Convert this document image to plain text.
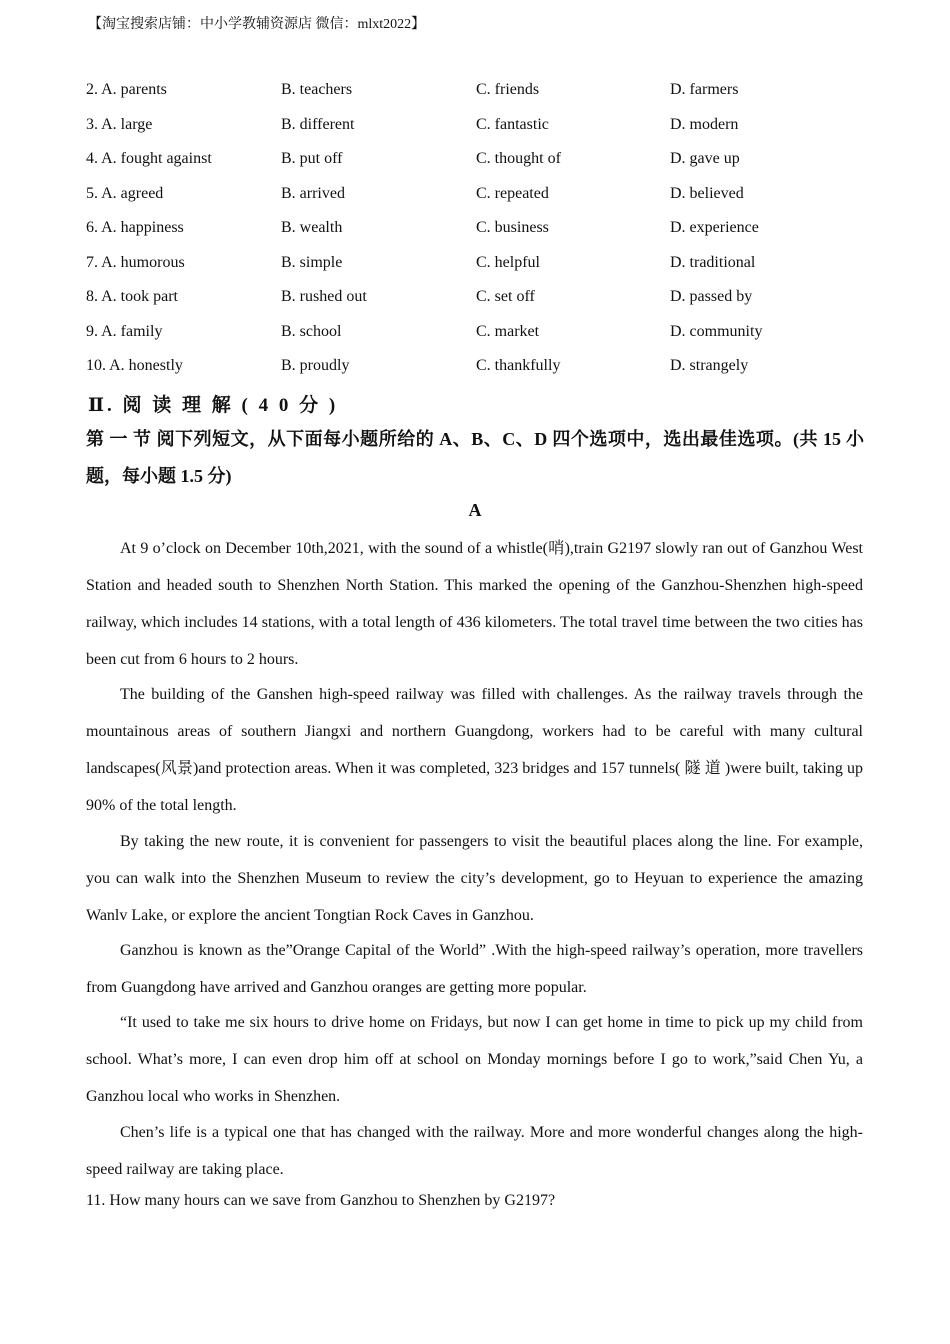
【淘宝搜索店铺：中小学教辅资源店 微信：mlxt2022】
2. A. parents	B. teachers	C. friends	D. farmers
3. A. large	B. different	C. fantastic	D. modern
4. A. fought against	B. put off	C. thought of	D. gave up
5. A. agreed	B. arrived	C. repeated	D. believed
6. A. happiness	B. wealth	C. business	D. experience
7. A. humorous	B. simple	C. helpful	D. traditional
8. A. took part	B. rushed out	C. set off	D. passed by
9. A. family	B. school	C. market	D. community
10. A. honestly	B. proudly	C. thankfully	D. strangely
Ⅱ. 阅 读 理 解 ( 4 0 分 )
第 一 节 阅下列短文，从下面每小题所给的 A、B、C、D 四个选项中，选出最佳选项。(共 15 小题，每小题 1.5 分)
A
At 9 o’clock on December 10th,2021, with the sound of a whistle(哨),train G2197 slowly ran out of Ganzhou West Station and headed south to Shenzhen North Station. This marked the opening of the Ganzhou-Shenzhen high-speed railway, which includes 14 stations, with a total length of 436 kilometers. The total travel time between the two cities has been cut from 6 hours to 2 hours.
The building of the Ganshen high-speed railway was filled with challenges. As the railway travels through the mountainous areas of southern Jiangxi and northern Guangdong, workers had to be careful with many cultural landscapes(风景)and protection areas. When it was completed, 323 bridges and 157 tunnels( 隧 道 )were built, taking up 90% of the total length.
By taking the new route, it is convenient for passengers to visit the beautiful places along the line. For example, you can walk into the Shenzhen Museum to review the city’s development, go to Heyuan to experience the amazing Wanlv Lake, or explore the ancient Tongtian Rock Caves in Ganzhou.
Ganzhou is known as the”Orange Capital of the World” .With the high-speed railway’s operation, more travellers from Guangdong have arrived and Ganzhou oranges are getting more popular.
“It used to take me six hours to drive home on Fridays, but now I can get home in time to pick up my child from school. What’s more, I can even drop him off at school on Monday mornings before I go to work,”said Chen Yu, a Ganzhou local who works in Shenzhen.
Chen’s life is a typical one that has changed with the railway. More and more wonderful changes along the high-speed railway are taking place.
11. How many hours can we save from Ganzhou to Shenzhen by G2197?
